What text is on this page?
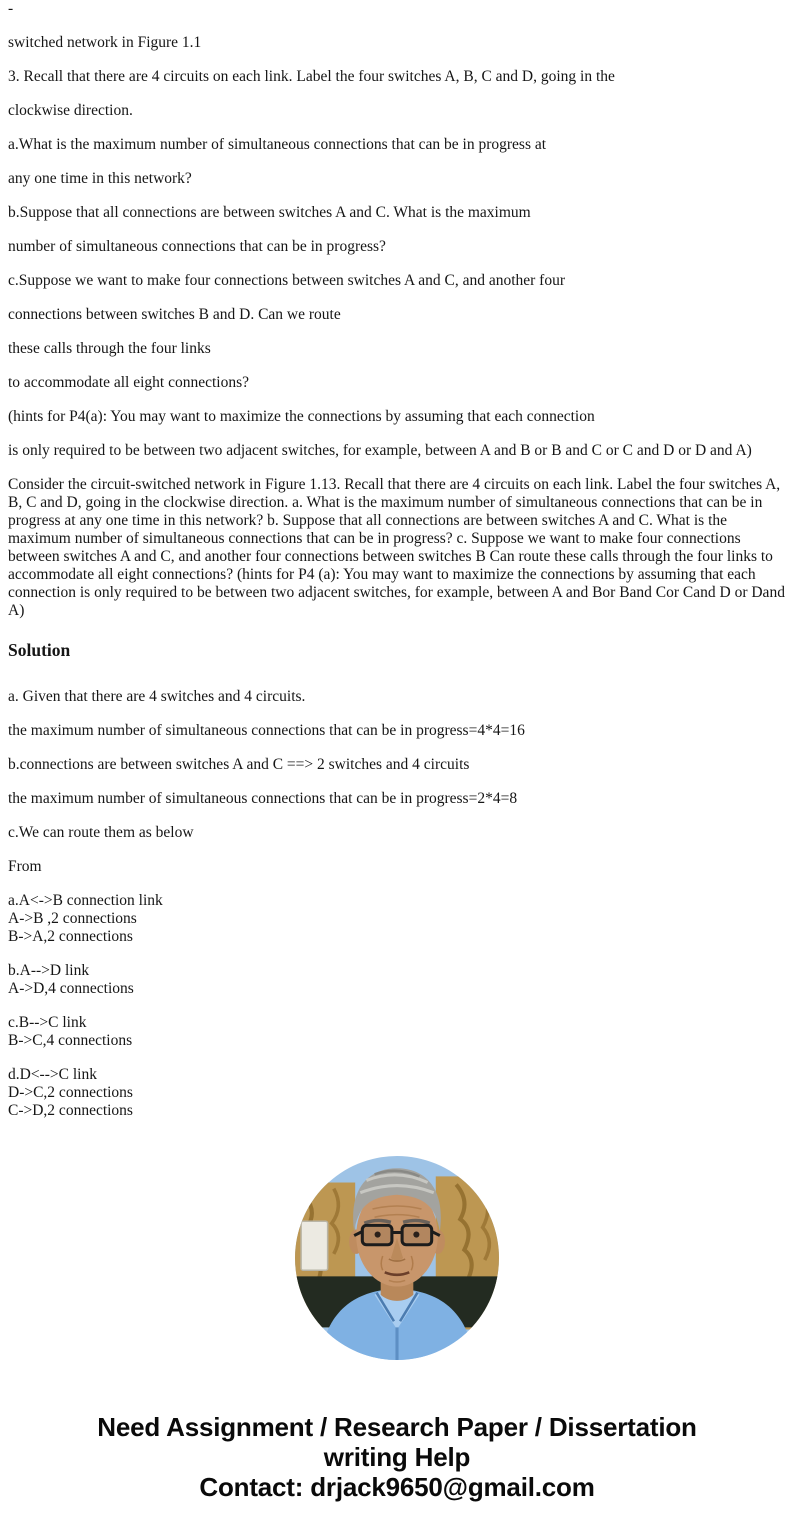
-

switched network in Figure 1.1

3. Recall that there are 4 circuits on each link. Label the four switches A, B, C and D, going in the

clockwise direction.

a.What is the maximum number of simultaneous connections that can be in progress at

any one time in this network?

b.Suppose that all connections are between switches A and C. What is the maximum

number of simultaneous connections that can be in progress?

c.Suppose we want to make four connections between switches A and C, and another four

connections between switches B and D. Can we route

these calls through the four links

to accommodate all eight connections?

(hints for P4(a): You may want to maximize the connections by assuming that each connection

is only required to be between two adjacent switches, for example, between A and B or B and C or C and D or D and A)

Consider the circuit-switched network in Figure 1.13. Recall that there are 4 circuits on each link. Label the four switches A, B, C and D, going in the clockwise direction. a. What is the maximum number of simultaneous connections that can be in progress at any one time in this network? b. Suppose that all connections are between switches A and C. What is the maximum number of simultaneous connections that can be in progress? c. Suppose we want to make four connections between switches A and C, and another four connections between switches B Can route these calls through the four links to accommodate all eight connections? (hints for P4 (a): You may want to maximize the connections by assuming that each connection is only required to be between two adjacent switches, for example, between A and Bor Band Cor Cand D or Dand A)

Solution

a. Given that there are 4 switches and 4 circuits.

the maximum number of simultaneous connections that can be in progress=4*4=16

b.connections are between switches A and C ==> 2 switches and 4 circuits

the maximum number of simultaneous connections that can be in progress=2*4=8

c.We can route them as below

From

a.A<->B connection link
A->B ,2 connections
B->A,2 connections

b.A-->D link
A->D,4 connections

c.B-->C link
B->C,4 connections

d.D<-->C link
D->C,2 connections
C->D,2 connections

Need Assignment / Research Paper / Dissertation
writing Help
Contact: drjack9650@gmail.com
